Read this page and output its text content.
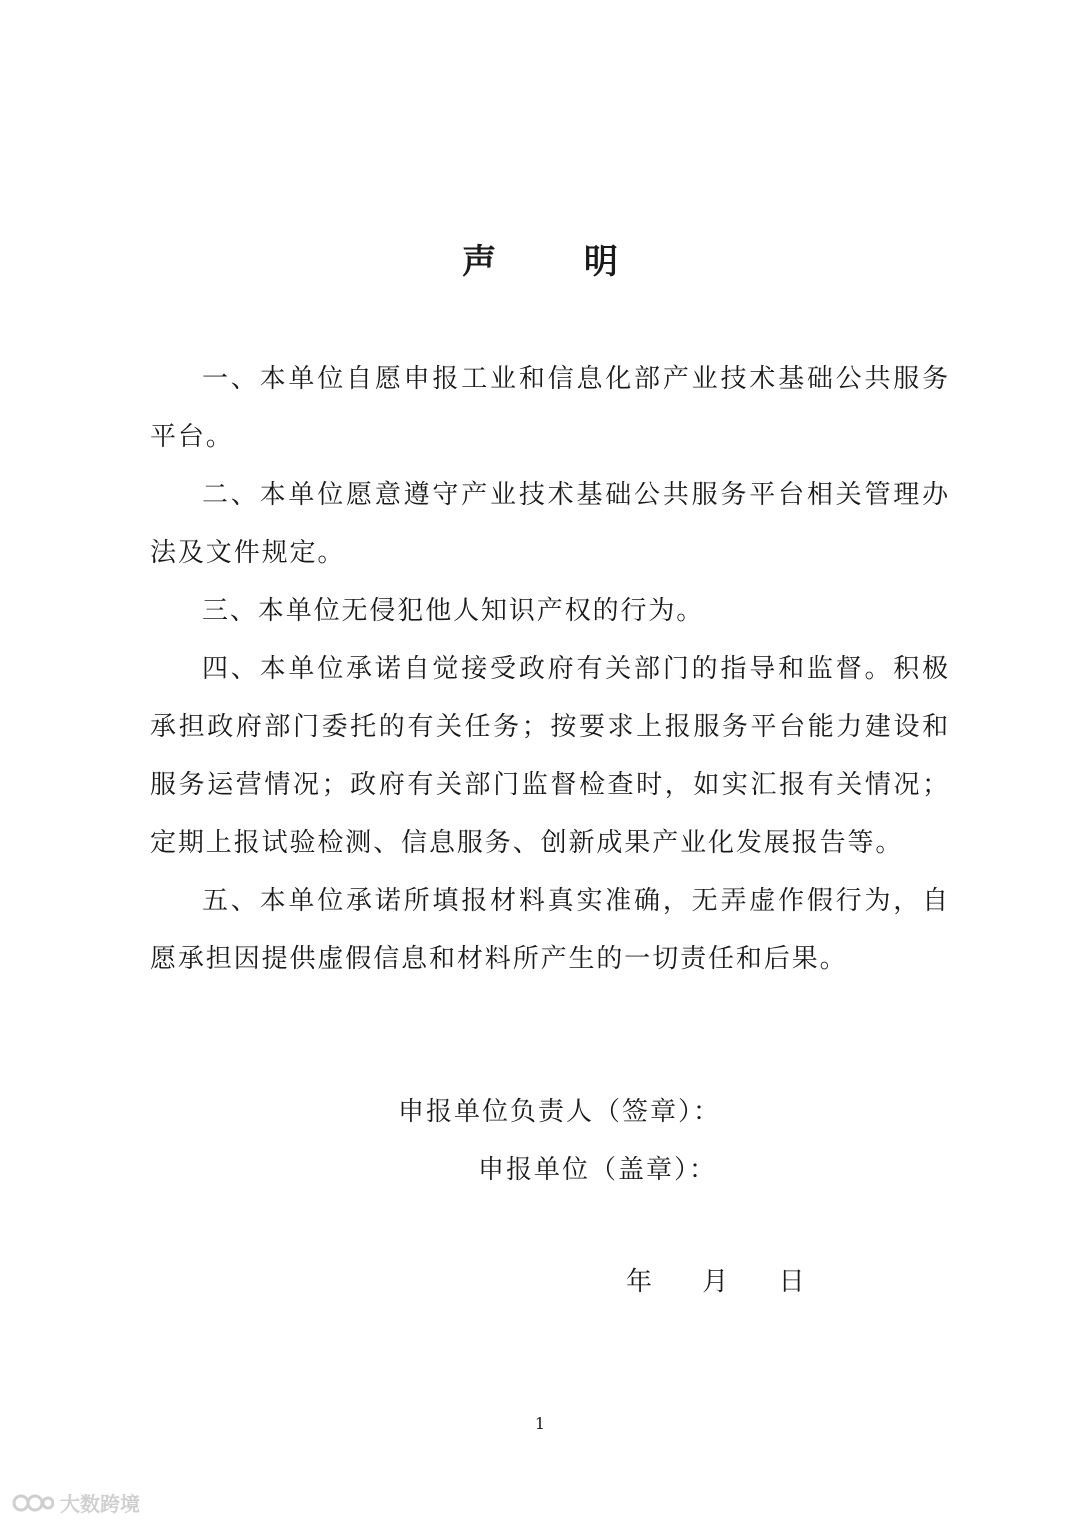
声 明

一、本单位自愿申报工业和信息化部产业技术基础公共服务平台。

二、本单位愿意遵守产业技术基础公共服务平台相关管理办法及文件规定。

三、本单位无侵犯他人知识产权的行为。

四、本单位承诺自觉接受政府有关部门的指导和监督。积极承担政府部门委托的有关任务；按要求上报服务平台能力建设和服务运营情况；政府有关部门监督检查时，如实汇报有关情况；定期上报试验检测、信息服务、创新成果产业化发展报告等。

五、本单位承诺所填报材料真实准确，无弄虚作假行为，自愿承担因提供虚假信息和材料所产生的一切责任和后果。

申报单位负责人（签章）：
申报单位（盖章）：
年 月 日
1
大数跨境
